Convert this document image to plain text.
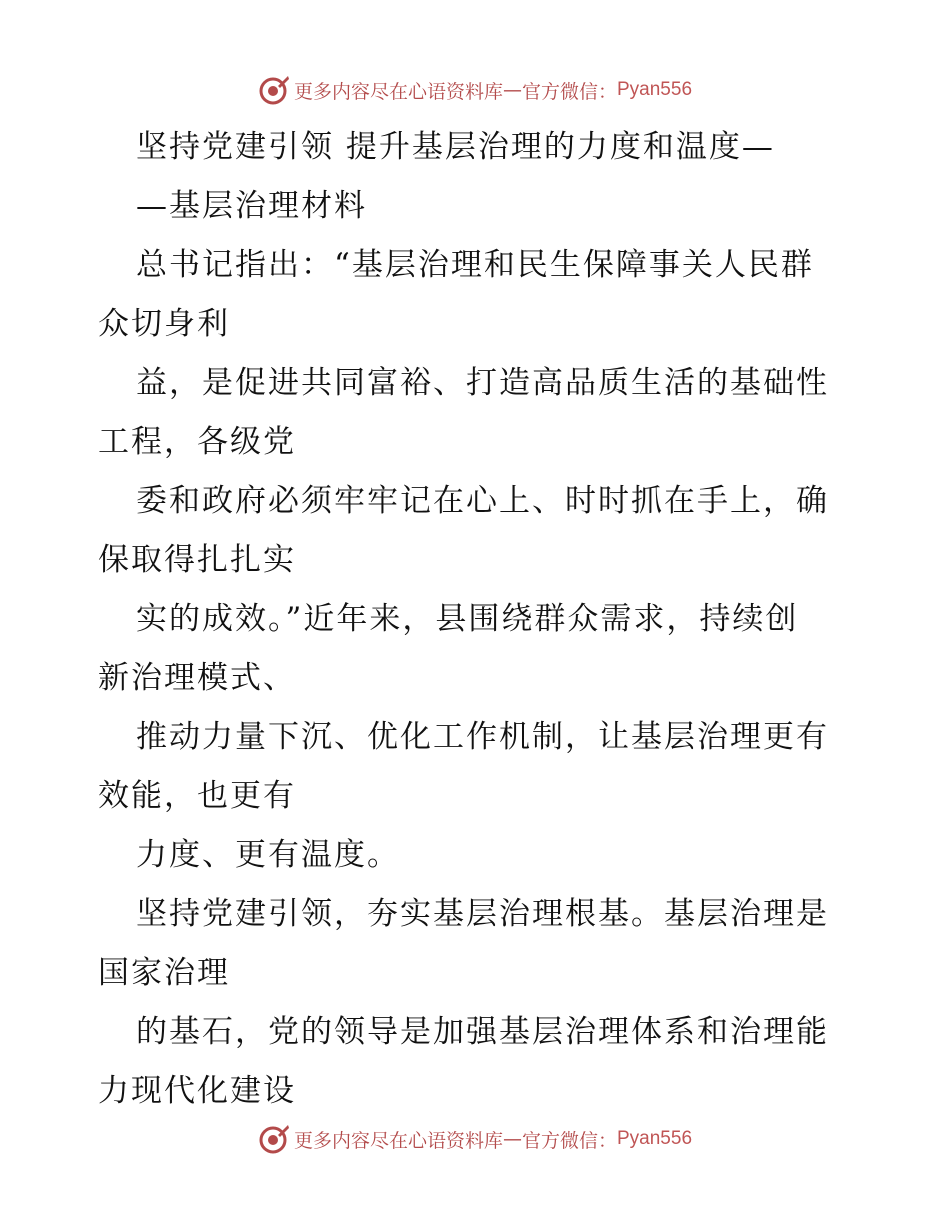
更多内容尽在心语资料库 — 官方微信： Pyan556
坚持党建引领 提升基层治理的力度和温度—
—基层治理材料
总书记指出：“基层治理和民生保障事关人民群
众切身利
益，是促进共同富裕、打造高品质生活的基础性
工程，各级党
委和政府必须牢牢记在心上、时时抓在手上，确
保取得扎扎实
实的成效。”近年来，县围绕群众需求，持续创
新治理模式、
推动力量下沉、优化工作机制，让基层治理更有
效能，也更有
力度、更有温度。
坚持党建引领，夯实基层治理根基。基层治理是
国家治理
的基石，党的领导是加强基层治理体系和治理能
力现代化建设
更多内容尽在心语资料库 — 官方微信： Pyan556
